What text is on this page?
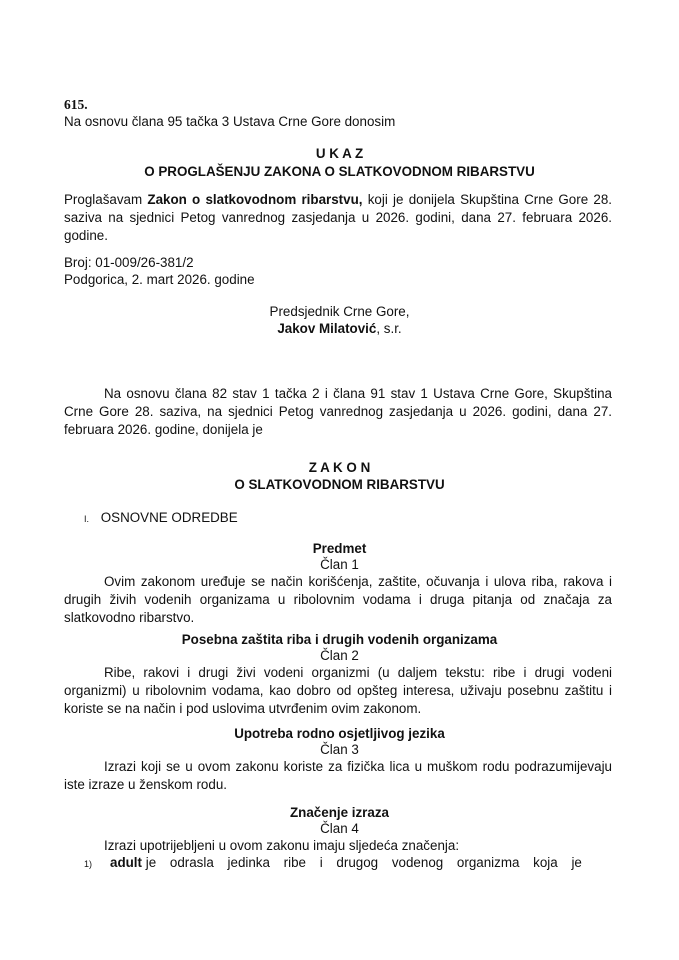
615.
Na osnovu člana 95 tačka 3 Ustava Crne Gore donosim
U K A Z
O PROGLAŠENJU ZAKONA O SLATKOVODNOM RIBARSTVU
Proglašavam Zakon o slatkovodnom ribarstvu, koji je donijela Skupština Crne Gore 28. saziva na sjednici Petog vanrednog zasjedanja u 2026. godini, dana 27. februara 2026. godine.
Broj: 01-009/26-381/2
Podgorica, 2. mart 2026. godine
Predsjednik Crne Gore,
Jakov Milatović, s.r.
Na osnovu člana 82 stav 1 tačka 2 i člana 91 stav 1 Ustava Crne Gore, Skupština Crne Gore 28. saziva, na sjednici Petog vanrednog zasjedanja u 2026. godini, dana 27. februara 2026. godine, donijela je
Z A K O N
O SLATKOVODNOM RIBARSTVU
I. OSNOVNE ODREDBE
Predmet
Član 1
Ovim zakonom uređuje se način korišćenja, zaštite, očuvanja i ulova riba, rakova i drugih živih vodenih organizama u ribolovnim vodama i druga pitanja od značaja za slatkovodno ribarstvo.
Posebna zaštita riba i drugih vodenih organizama
Član 2
Ribe, rakovi i drugi živi vodeni organizmi (u daljem tekstu: ribe i drugi vodeni organizmi) u ribolovnim vodama, kao dobro od opšteg interesa, uživaju posebnu zaštitu i koriste se na način i pod uslovima utvrđenim ovim zakonom.
Upotreba rodno osjetljivog jezika
Član 3
Izrazi koji se u ovom zakonu koriste za fizička lica u muškom rodu podrazumijevaju iste izraze u ženskom rodu.
Značenje izraza
Član 4
Izrazi upotrijebljeni u ovom zakonu imaju sljedeća značenja:
1) adult je odrasla jedinka ribe i drugog vodenog organizma koja je
